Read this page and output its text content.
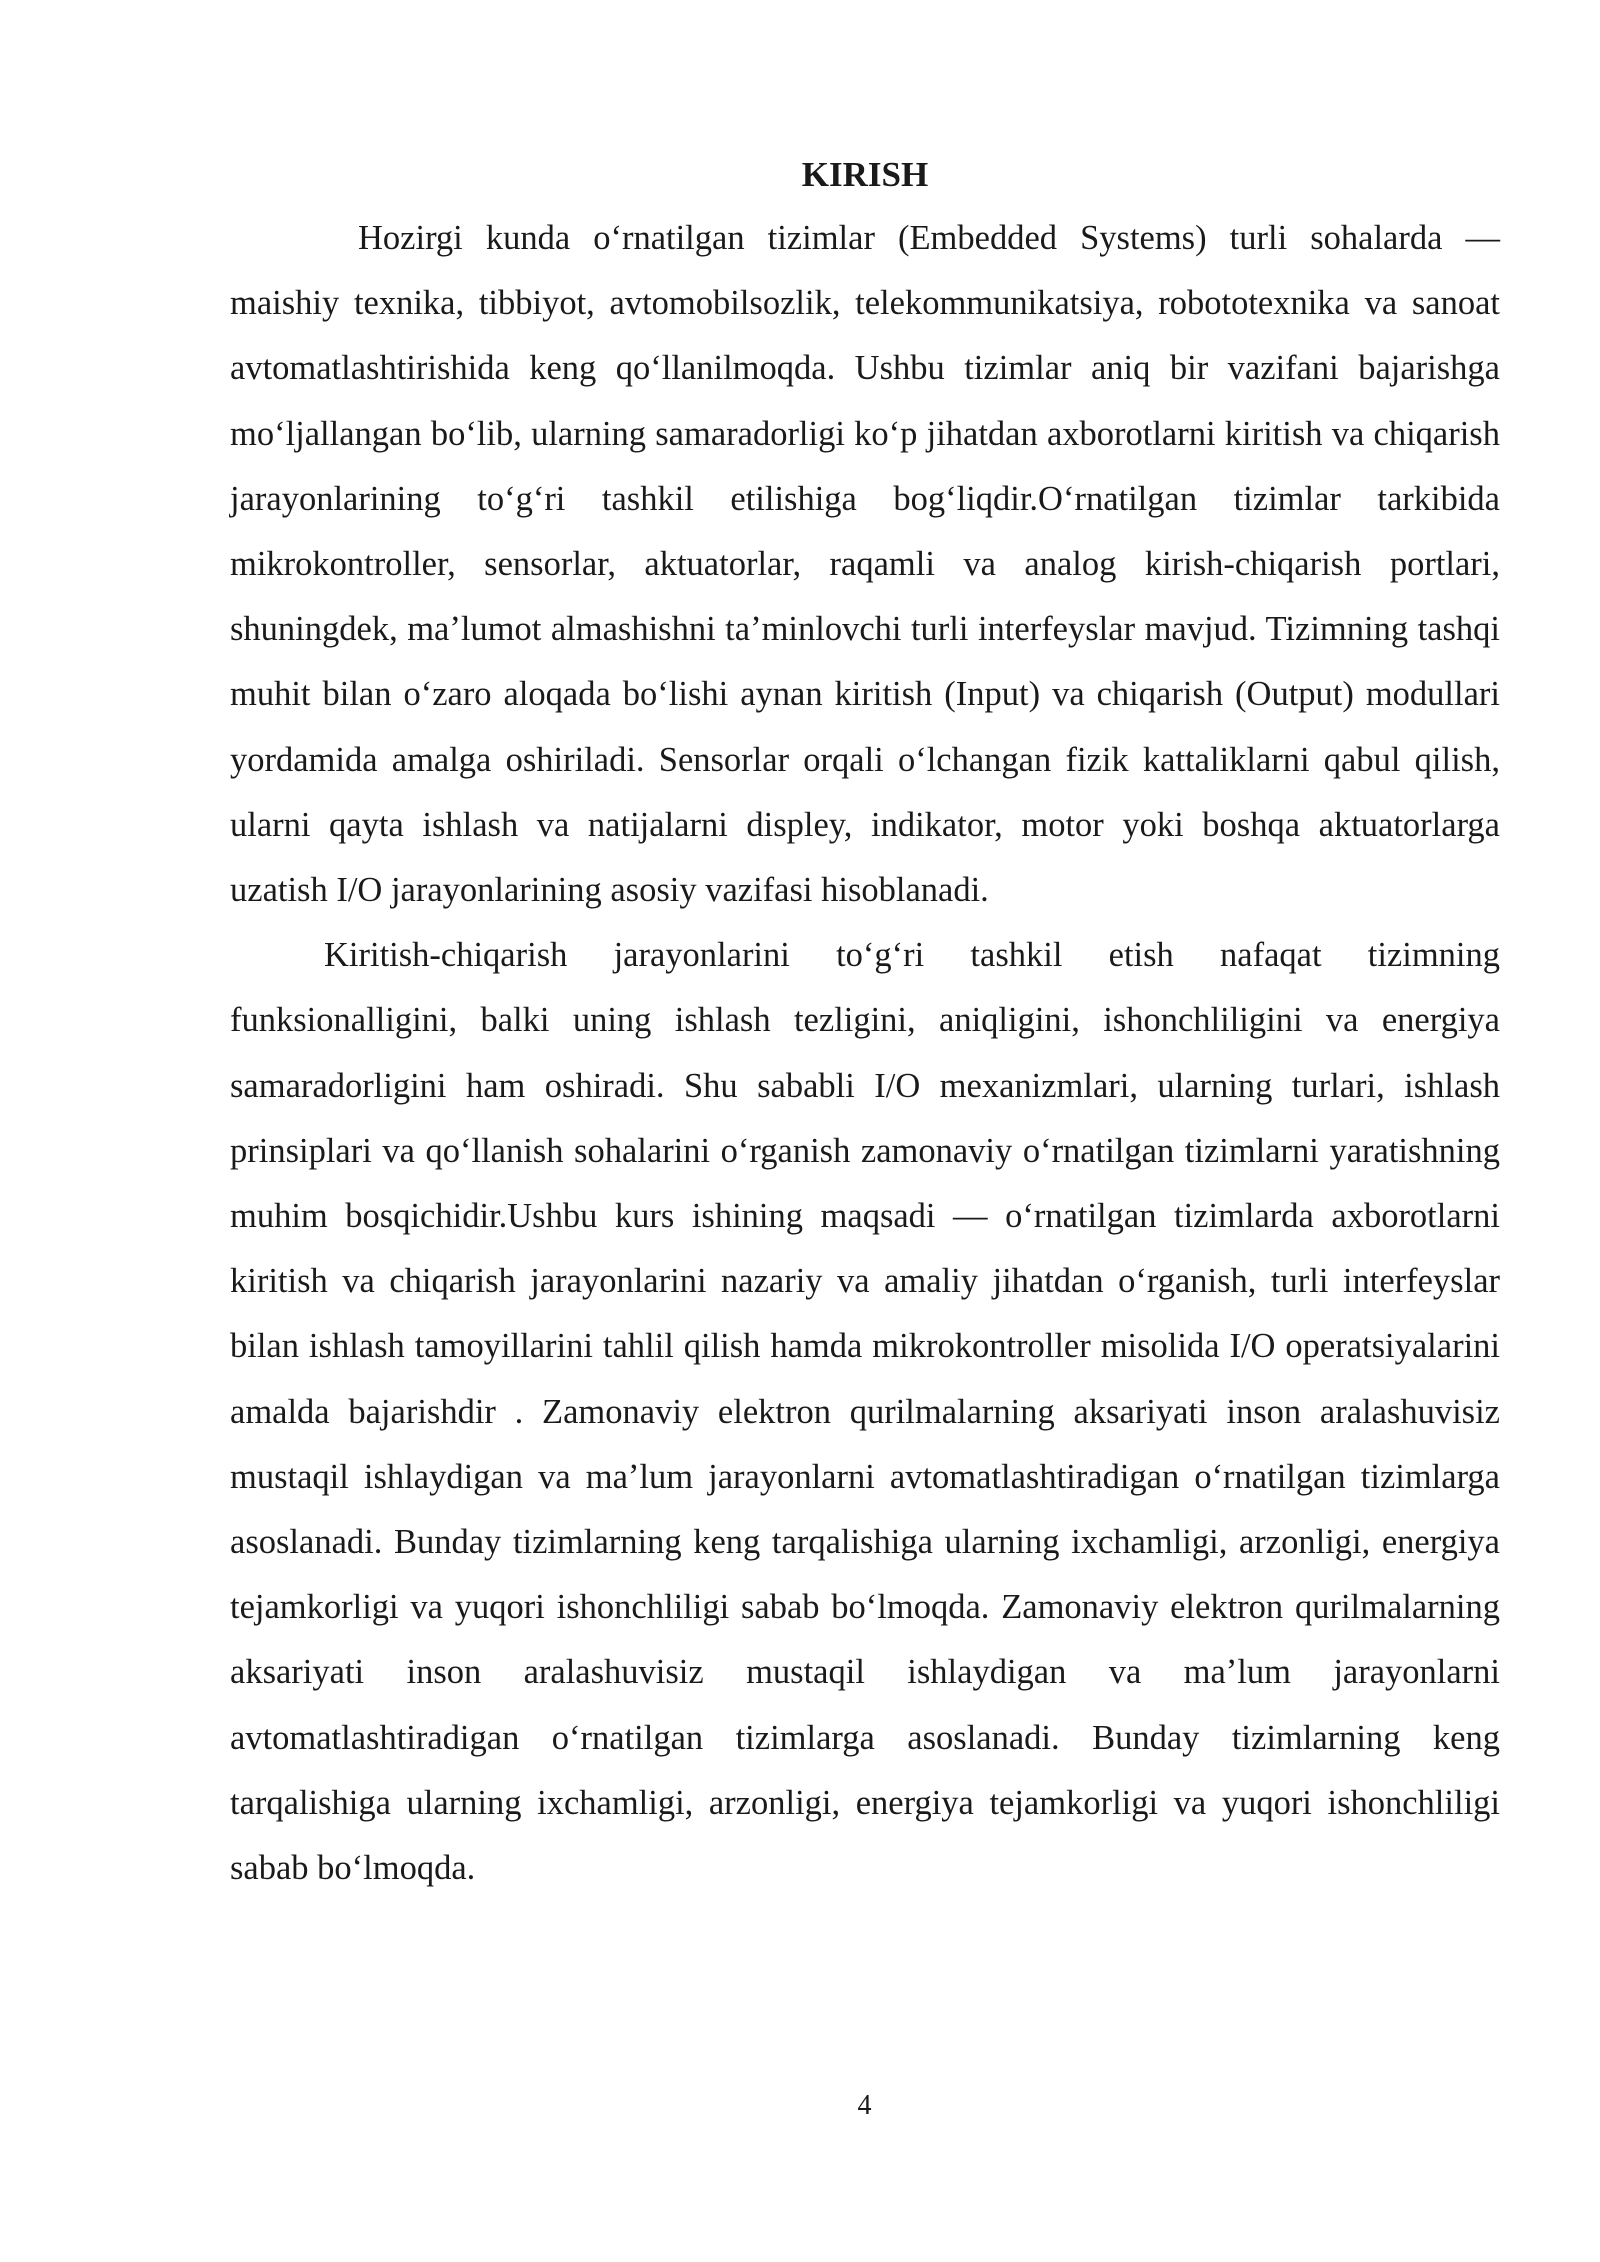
KIRISH

Hozirgi kunda oʻrnatilgan tizimlar (Embedded Systems) turli sohalarda — maishiy texnika, tibbiyot, avtomobilsozlik, telekommunikatsiya, robototexnika va sanoat avtomatlashtirishida keng qoʻllanilmoqda. Ushbu tizimlar aniq bir vazifani bajarishga moʻljallangan boʻlib, ularning samaradorligi koʻp jihatdan axborotlarni kiritish va chiqarish jarayonlarining toʻgʻri tashkil etilishiga bogʻliqdir.Oʻrnatilgan tizimlar tarkibida mikrokontroller, sensorlar, aktuatorlar, raqamli va analog kirish-chiqarish portlari, shuningdek, maʼlumot almashishni taʼminlovchi turli interfeyslar mavjud. Tizimning tashqi muhit bilan oʻzaro aloqada boʻlishi aynan kiritish (Input) va chiqarish (Output) modullari yordamida amalga oshiriladi. Sensorlar orqali oʻlchangan fizik kattaliklarni qabul qilish, ularni qayta ishlash va natijalarni displey, indikator, motor yoki boshqa aktuatorlarga uzatish I/O jarayonlarining asosiy vazifasi hisoblanadi.

Kiritish-chiqarish jarayonlarini toʻgʻri tashkil etish nafaqat tizimning funksionalligini, balki uning ishlash tezligini, aniqligini, ishonchliligini va energiya samaradorligini ham oshiradi. Shu sababli I/O mexanizmlari, ularning turlari, ishlash prinsiplari va qoʻllanish sohalarini oʻrganish zamonaviy oʻrnatilgan tizimlarni yaratishning muhim bosqichidir.Ushbu kurs ishining maqsadi — oʻrnatilgan tizimlarda axborotlarni kiritish va chiqarish jarayonlarini nazariy va amaliy jihatdan oʻrganish, turli interfeyslar bilan ishlash tamoyillarini tahlil qilish hamda mikrokontroller misolida I/O operatsiyalarini amalda bajarishdir . Zamonaviy elektron qurilmalarning aksariyati inson aralashuvisiz mustaqil ishlaydigan va maʼlum jarayonlarni avtomatlashtiradigan oʻrnatilgan tizimlarga asoslanadi. Bunday tizimlarning keng tarqalishiga ularning ixchamligi, arzonligi, energiya tejamkorligi va yuqori ishonchliligi sabab boʻlmoqda. Zamonaviy elektron qurilmalarning aksariyati inson aralashuvisiz mustaqil ishlaydigan va maʼlum jarayonlarni avtomatlashtiradigan oʻrnatilgan tizimlarga asoslanadi. Bunday tizimlarning keng tarqalishiga ularning ixchamligi, arzonligi, energiya tejamkorligi va yuqori ishonchliligi sabab boʻlmoqda.

4
